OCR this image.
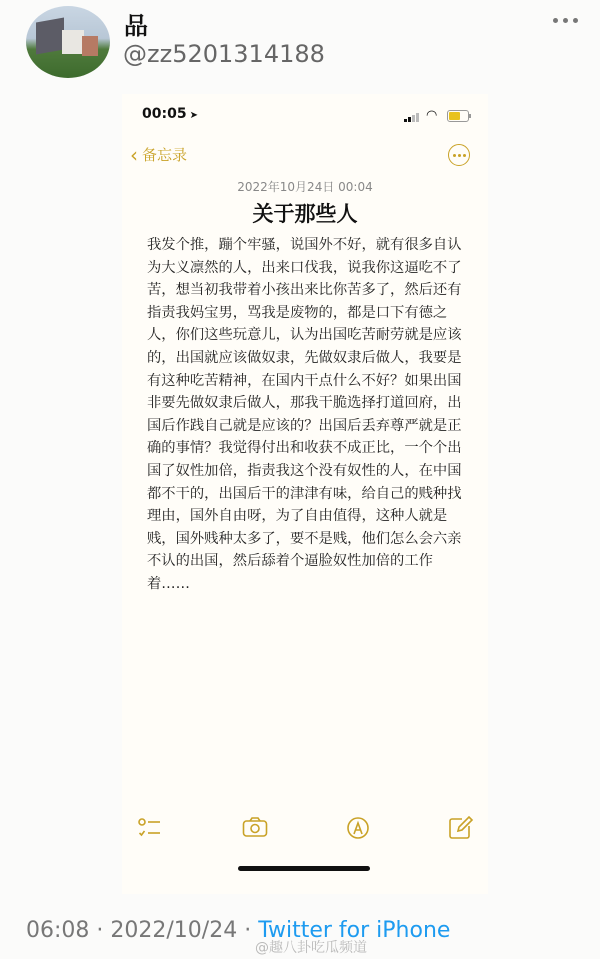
品
@zz5201314188
00:05 ➤	◠
‹ 备忘录
2022年10月24日 00:04
关于那些人
我发个推，蹦个牢骚，说国外不好，就有很多自认为大义凛然的人，出来口伐我，说我你这逼吃不了苦，想当初我带着小孩出来比你苦多了，然后还有指责我妈宝男，骂我是废物的，都是口下有德之人，你们这些玩意儿，认为出国吃苦耐劳就是应该的，出国就应该做奴隶，先做奴隶后做人，我要是有这种吃苦精神，在国内干点什么不好？如果出国非要先做奴隶后做人，那我干脆选择打道回府，出国后作践自己就是应该的？出国后丢弃尊严就是正确的事情？我觉得付出和收获不成正比，一个个出国了奴性加倍，指责我这个没有奴性的人，在中国都不干的，出国后干的津津有味，给自己的贱种找理由，国外自由呀，为了自由值得，这种人就是贱，国外贱种太多了，要不是贱，他们怎么会六亲不认的出国，然后舔着个逼脸奴性加倍的工作着……
06:08 · 2022/10/24 · Twitter for iPhone
@趣八卦吃瓜频道
